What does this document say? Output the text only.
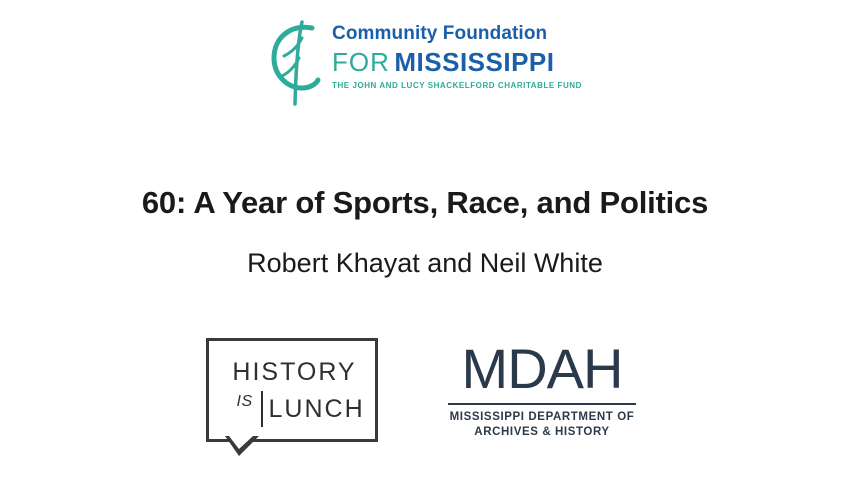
Community Foundation
FOR MISSISSIPPI
THE JOHN AND LUCY SHACKELFORD CHARITABLE FUND
60: A Year of Sports, Race, and Politics
Robert Khayat and Neil White
HISTORY
IS LUNCH
MDAH
MISSISSIPPI DEPARTMENT OF
ARCHIVES & HISTORY
